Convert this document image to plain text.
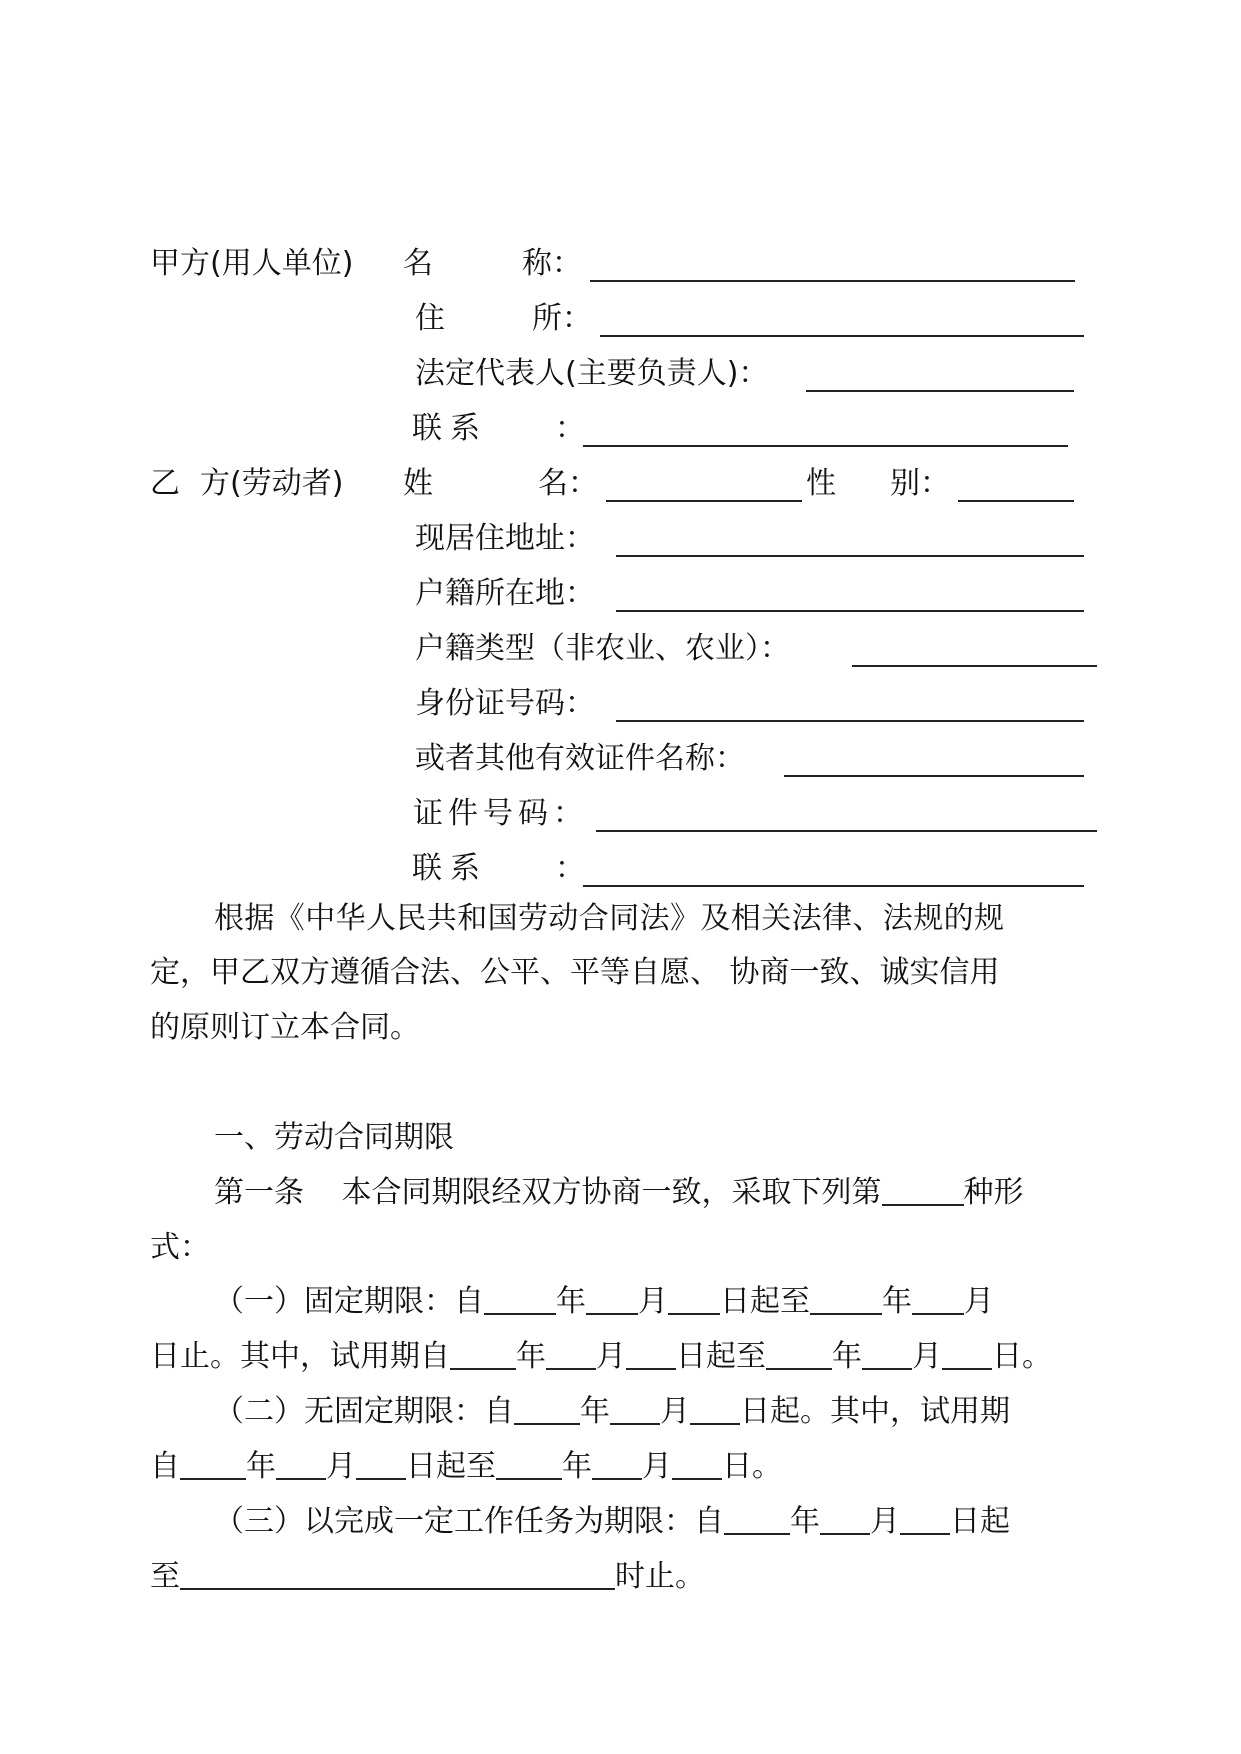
甲方(用人单位) 名	称：
住	所：
法定代表人(主要负责人)：
联系 ：
乙 方(劳动者) 姓	名：	性 别：
现居住地址：
户籍所在地：
户籍类型（非农业、农业）：
身份证号码：
或者其他有效证件名称：
证件号码：
联系 ：
根据《中华人民共和国劳动合同法》及相关法律、法规的规
定，甲乙双方遵循合法、公平、平等自愿、 协商一致、诚实信用
的原则订立本合同。
一、劳动合同期限
第一条 本合同期限经双方协商一致，采取下列第	种形
式：
（一）固定期限：自 年 月 日起至 年 月
日止。其中，试用期自 年 月 日起至 年 月 日。
（二）无固定期限：自 年 月 日起。其中，试用期
自 年 月 日起至 年 月 日。
（三）以完成一定工作任务为期限：自 年 月 日起
至	时止。
